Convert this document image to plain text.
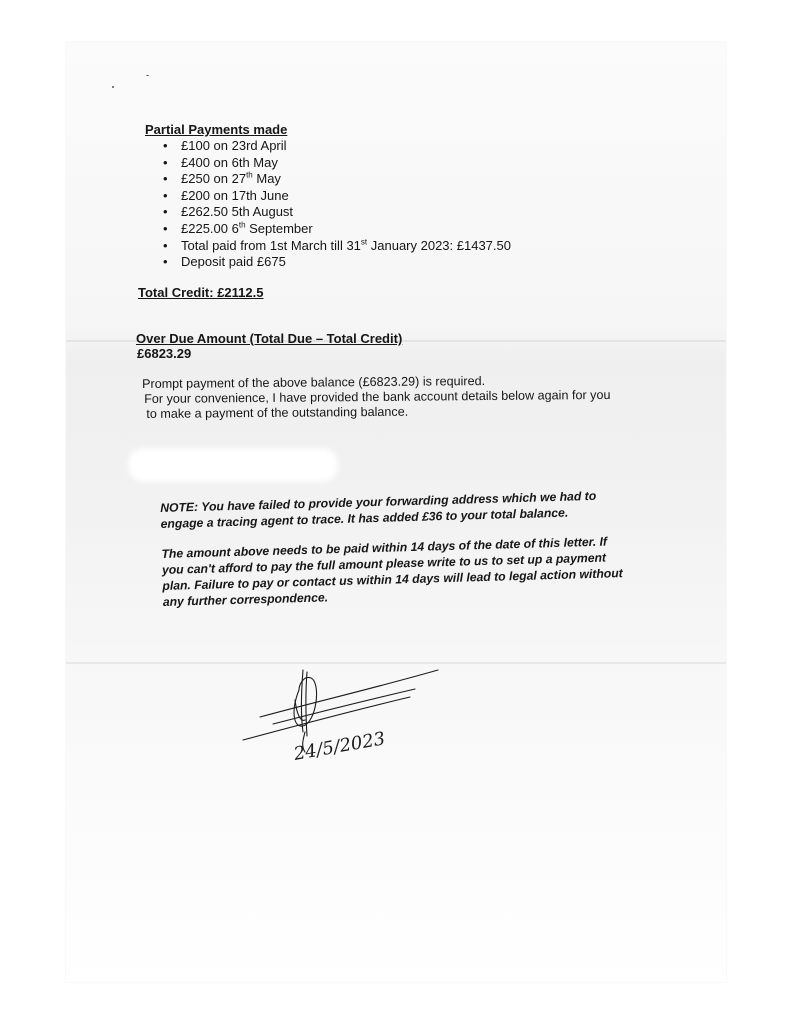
Partial Payments made
• £100 on 23rd April
• £400 on 6th May
• £250 on 27th May
• £200 on 17th June
• £262.50 5th August
• £225.00 6th September
• Total paid from 1st March till 31st January 2023: £1437.50
• Deposit paid £675
Total Credit: £2112.5
Over Due Amount (Total Due – Total Credit)
£6823.29
Prompt payment of the above balance (£6823.29) is required.
For your convenience, I have provided the bank account details below again for you
to make a payment of the outstanding balance.

NOTE: You have failed to provide your forwarding address which we had to engage a tracing agent to trace. It has added £36 to your total balance.

The amount above needs to be paid within 14 days of the date of this letter. If you can't afford to pay the full amount please write to us to set up a payment plan. Failure to pay or contact us within 14 days will lead to legal action without any further correspondence.

24/5/2023
